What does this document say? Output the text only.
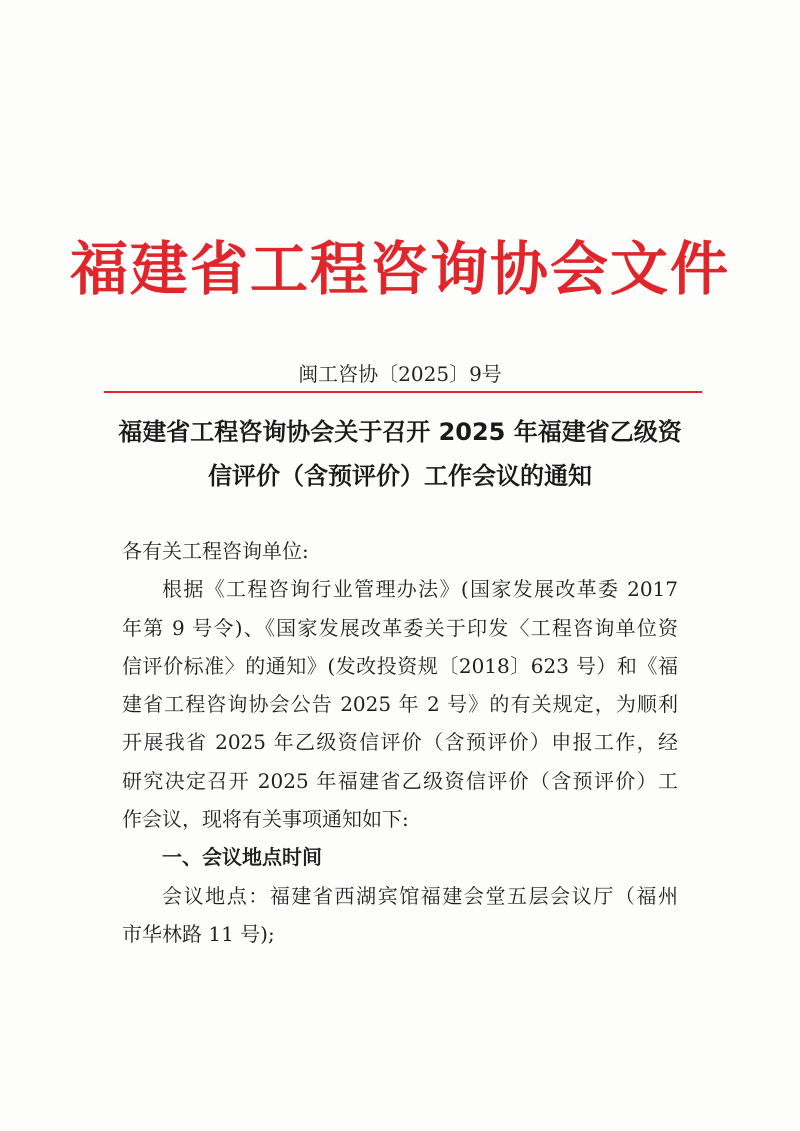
福建省工程咨询协会文件
闽工咨协〔2025〕9号
福建省工程咨询协会关于召开 2025 年福建省乙级资
信评价（含预评价）工作会议的通知
各有关工程咨询单位:
根据《工程咨询行业管理办法》(国家发展改革委 2017
年第 9 号令)、《国家发展改革委关于印发〈工程咨询单位资
信评价标准〉的通知》(发改投资规〔2018〕623 号）和《福
建省工程咨询协会公告 2025 年 2 号》的有关规定，为顺利
开展我省 2025 年乙级资信评价（含预评价）申报工作，经
研究决定召开 2025 年福建省乙级资信评价（含预评价）工
作会议，现将有关事项通知如下:
一、会议地点时间
会议地点：福建省西湖宾馆福建会堂五层会议厅（福州
市华林路 11 号);
